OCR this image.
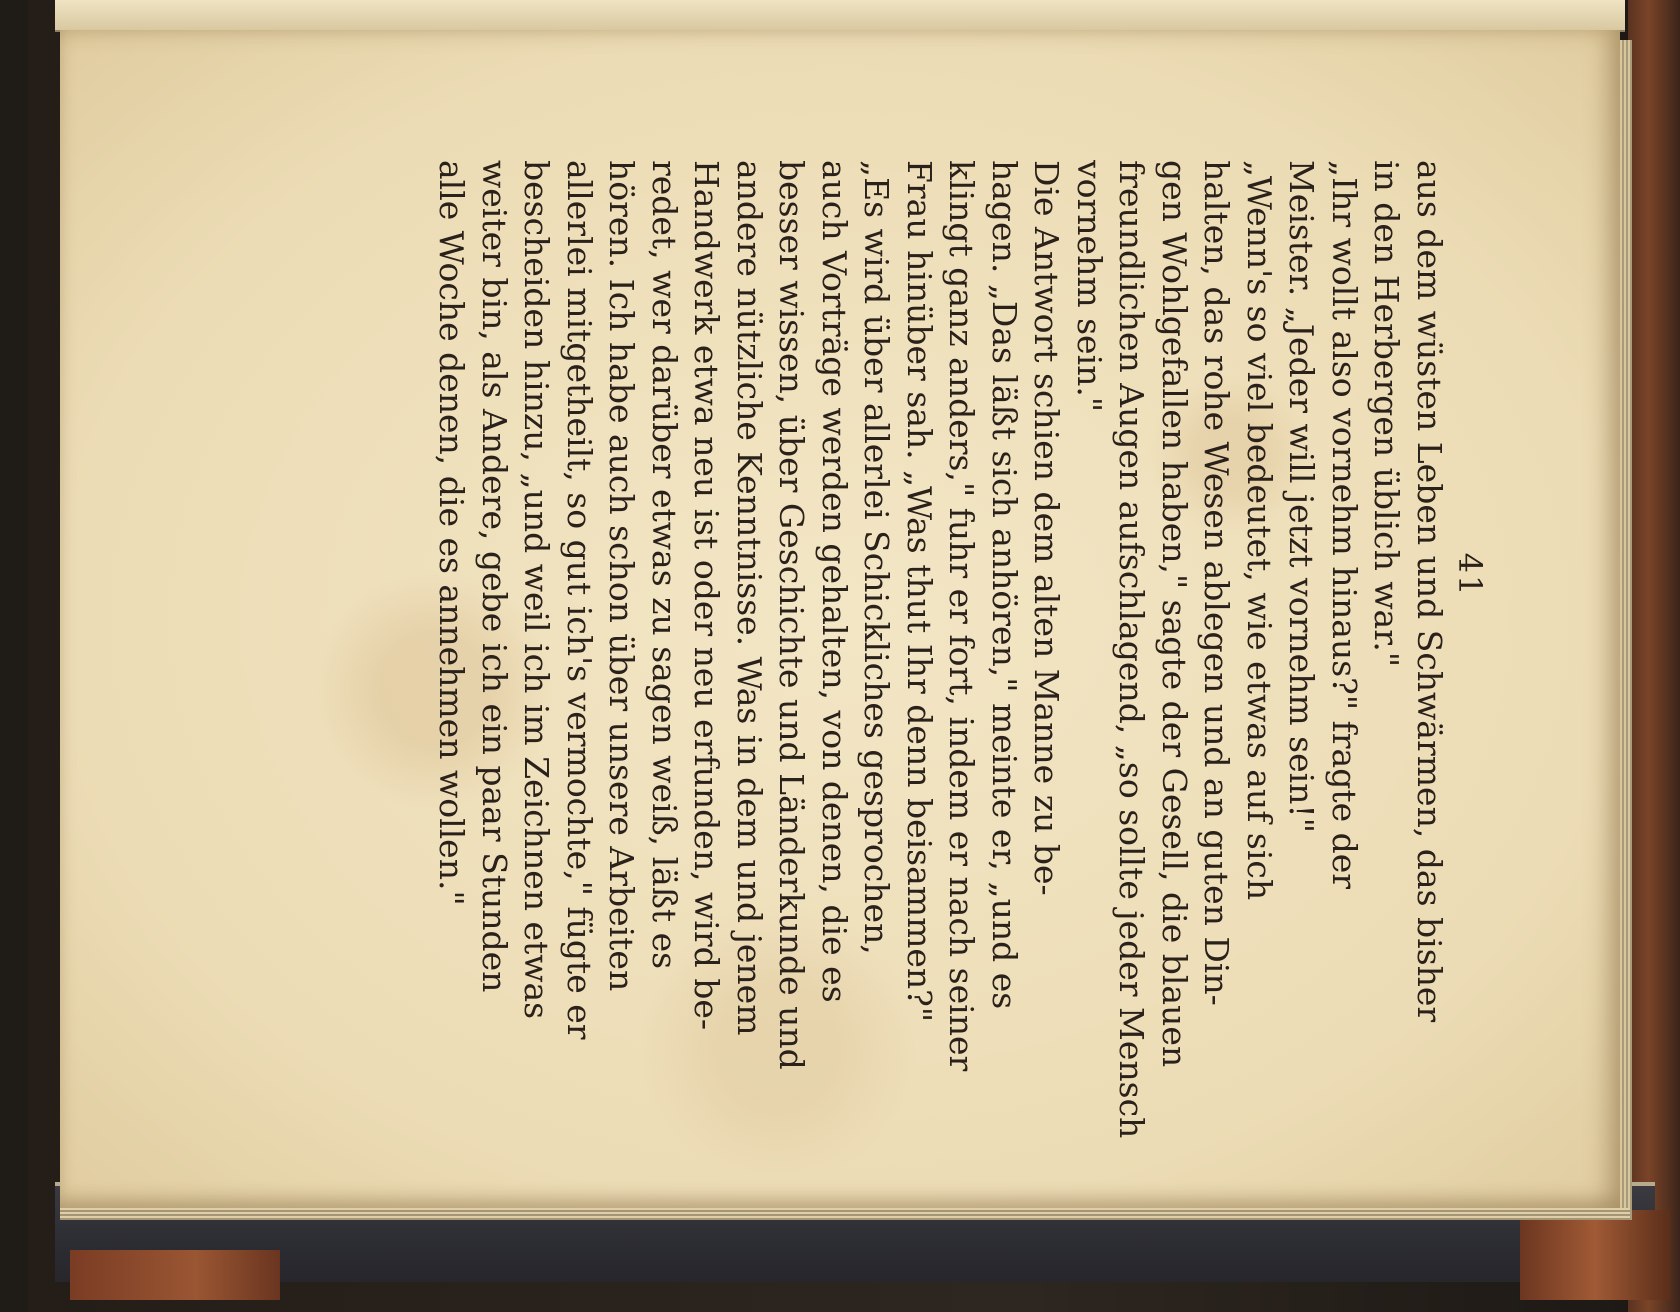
41
aus dem wüsten Leben und Schwärmen, das bisher
in den Herbergen üblich war."
„Ihr wollt also vornehm hinaus?" fragte der
Meister. „Jeder will jetzt vornehm sein!"
„Wenn's so viel bedeutet, wie etwas auf sich
halten, das rohe Wesen ablegen und an guten Din-
gen Wohlgefallen haben," sagte der Gesell, die blauen
freundlichen Augen aufschlagend, „so sollte jeder Mensch
vornehm sein."
Die Antwort schien dem alten Manne zu be-
hagen. „Das läßt sich anhören," meinte er, „und es
klingt ganz anders," fuhr er fort, indem er nach seiner
Frau hinüber sah. „Was thut Ihr denn beisammen?"
„Es wird über allerlei Schickliches gesprochen,
auch Vorträge werden gehalten, von denen, die es
besser wissen, über Geschichte und Länderkunde und
andere nützliche Kenntnisse. Was in dem und jenem
Handwerk etwa neu ist oder neu erfunden, wird be-
redet, wer darüber etwas zu sagen weiß, läßt es
hören. Ich habe auch schon über unsere Arbeiten
allerlei mitgetheilt, so gut ich's vermochte," fügte er
bescheiden hinzu, „und weil ich im Zeichnen etwas
weiter bin, als Andere, gebe ich ein paar Stunden
alle Woche denen, die es annehmen wollen."
